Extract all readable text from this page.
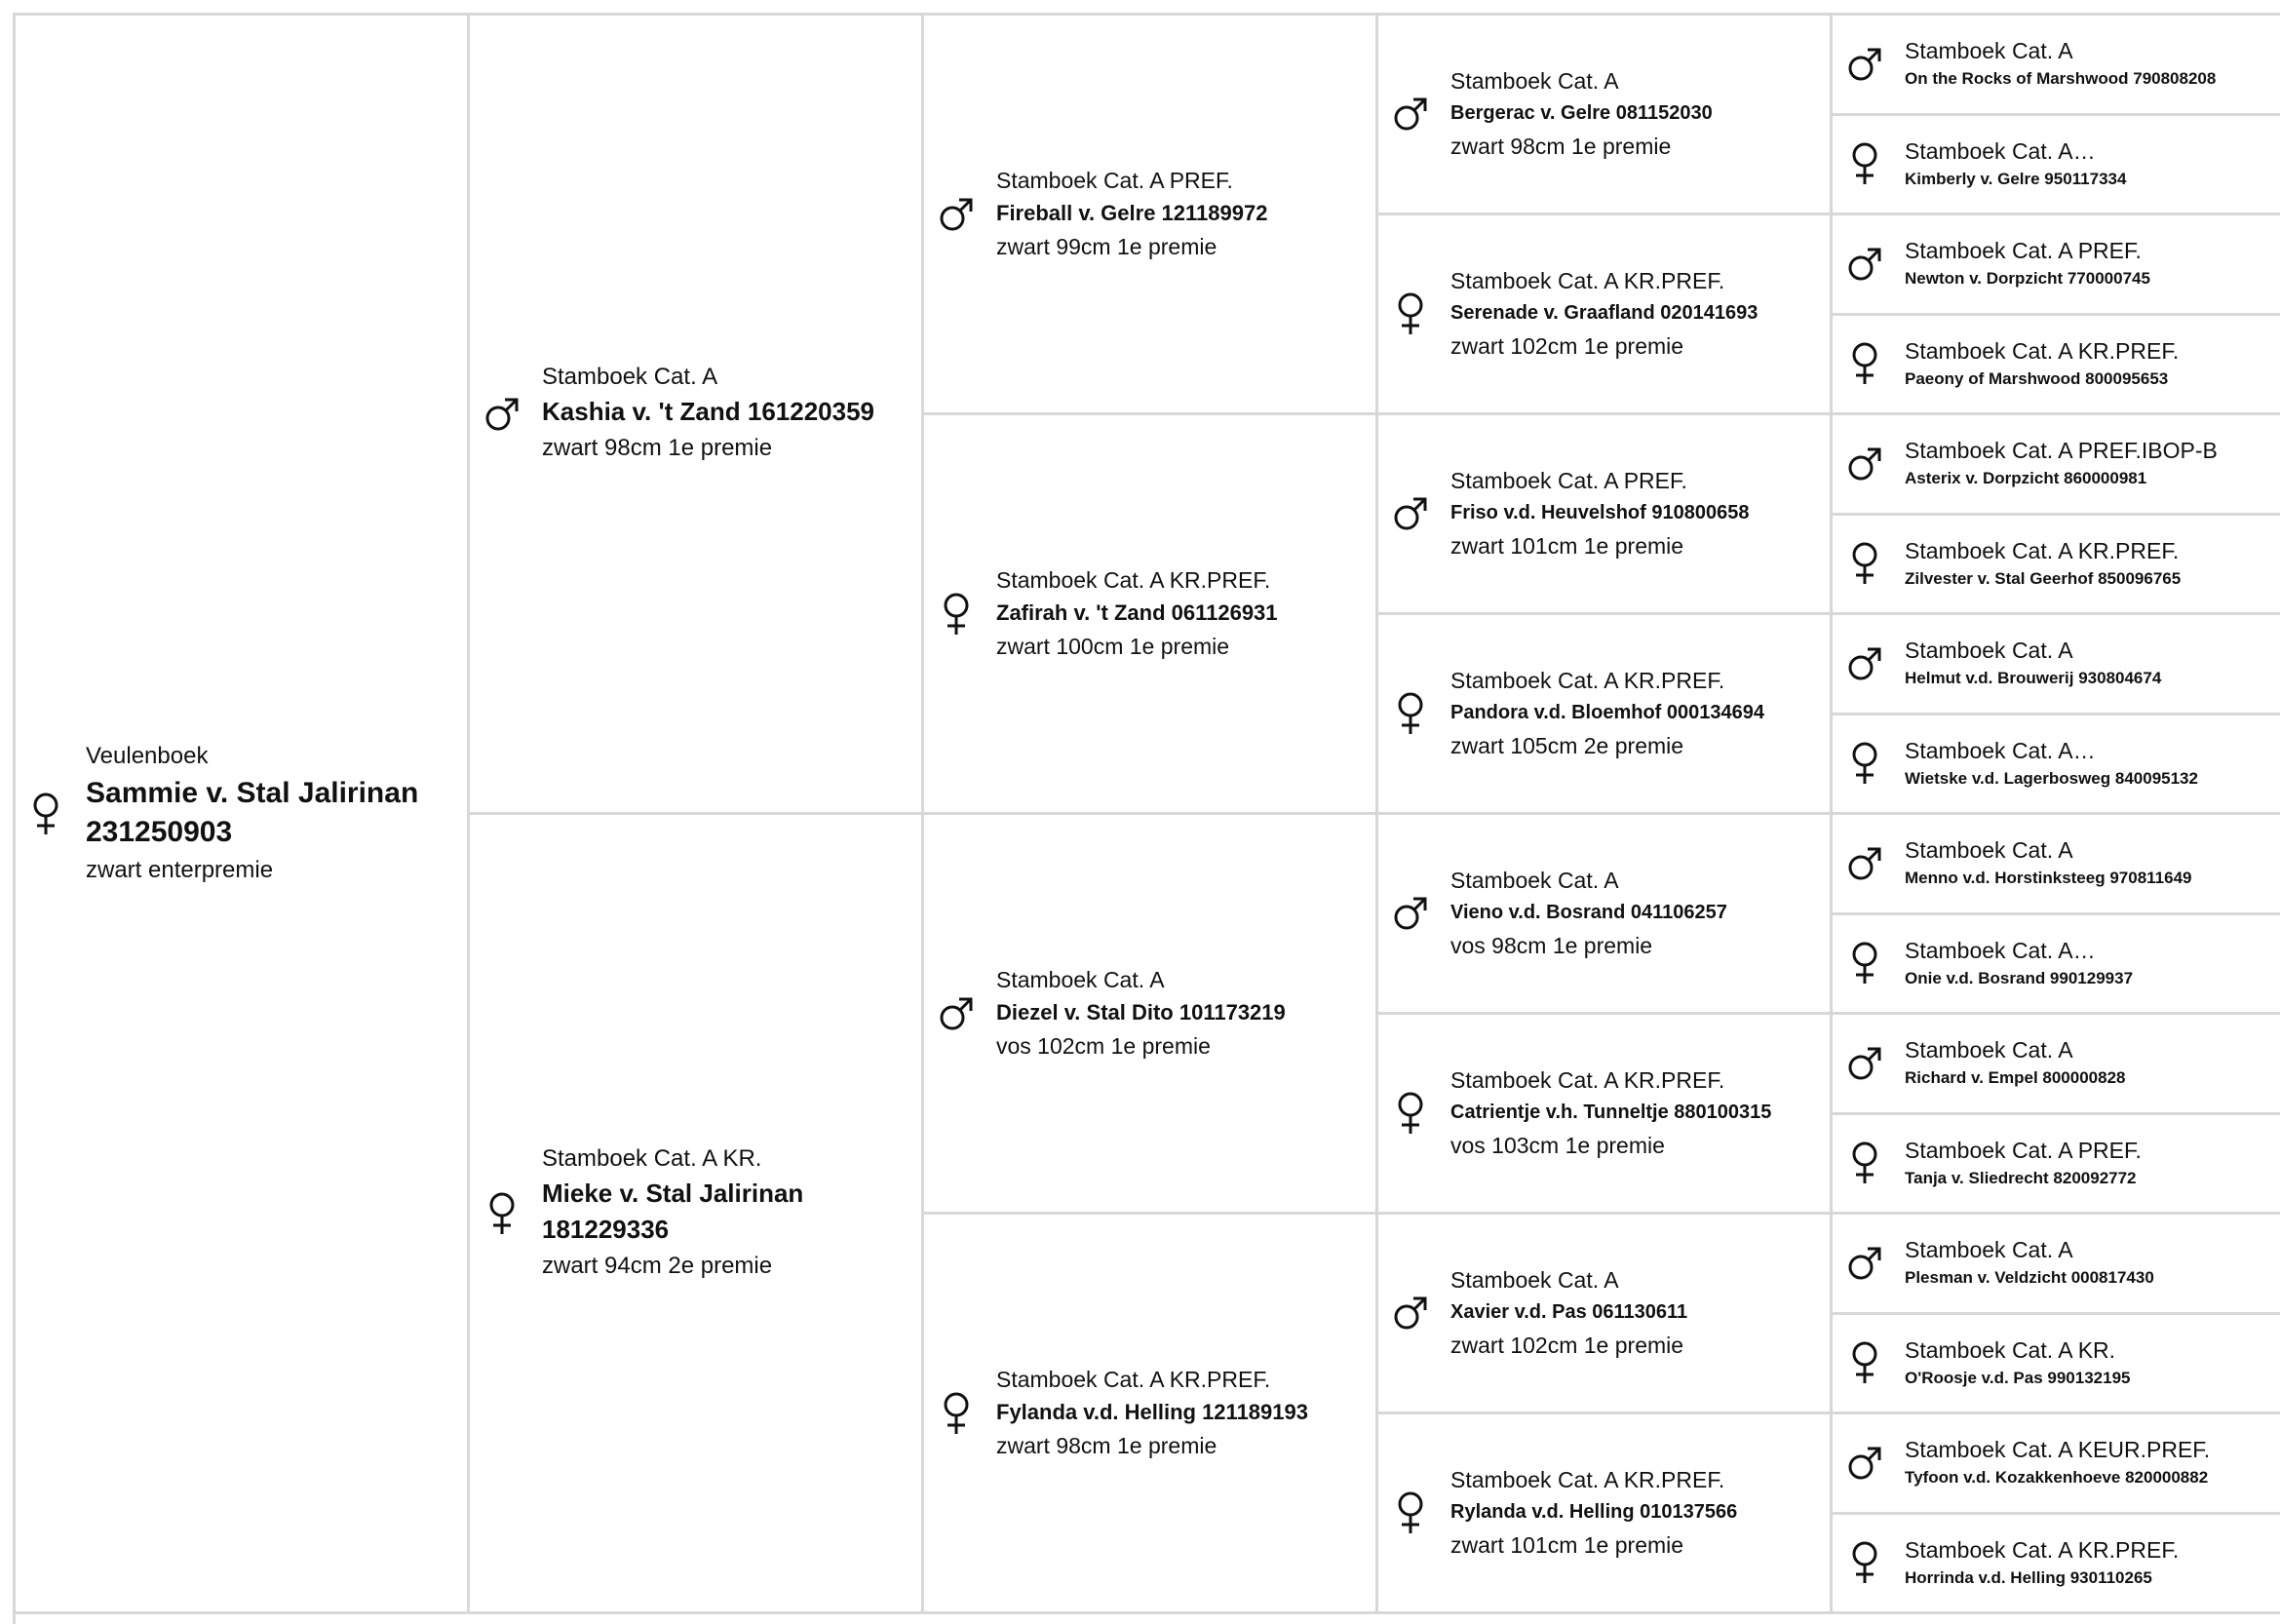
Veulenboek
Sammie v. Stal Jalirinan 231250903
zwart enterpremie
Stamboek Cat. A
Kashia v. 't Zand 161220359
zwart 98cm 1e premie
Stamboek Cat. A KR.
Mieke v. Stal Jalirinan 181229336
zwart 94cm 2e premie
Stamboek Cat. A PREF.
Fireball v. Gelre 121189972
zwart 99cm 1e premie
Stamboek Cat. A KR.PREF.
Zafirah v. 't Zand 061126931
zwart 100cm 1e premie
Stamboek Cat. A
Diezel v. Stal Dito 101173219
vos 102cm 1e premie
Stamboek Cat. A KR.PREF.
Fylanda v.d. Helling 121189193
zwart 98cm 1e premie
Stamboek Cat. A
Bergerac v. Gelre 081152030
zwart 98cm 1e premie
Stamboek Cat. A KR.PREF.
Serenade v. Graafland 020141693
zwart 102cm 1e premie
Stamboek Cat. A PREF.
Friso v.d. Heuvelshof 910800658
zwart 101cm 1e premie
Stamboek Cat. A KR.PREF.
Pandora v.d. Bloemhof 000134694
zwart 105cm 2e premie
Stamboek Cat. A
Vieno v.d. Bosrand 041106257
vos 98cm 1e premie
Stamboek Cat. A KR.PREF.
Catrientje v.h. Tunneltje 880100315
vos 103cm 1e premie
Stamboek Cat. A
Xavier v.d. Pas 061130611
zwart 102cm 1e premie
Stamboek Cat. A KR.PREF.
Rylanda v.d. Helling 010137566
zwart 101cm 1e premie
Stamboek Cat. A
On the Rocks of Marshwood 790808208
Stamboek Cat. A…
Kimberly v. Gelre 950117334
Stamboek Cat. A PREF.
Newton v. Dorpzicht 770000745
Stamboek Cat. A KR.PREF.
Paeony of Marshwood 800095653
Stamboek Cat. A PREF.IBOP-B
Asterix v. Dorpzicht 860000981
Stamboek Cat. A KR.PREF.
Zilvester v. Stal Geerhof 850096765
Stamboek Cat. A
Helmut v.d. Brouwerij 930804674
Stamboek Cat. A…
Wietske v.d. Lagerbosweg 840095132
Stamboek Cat. A
Menno v.d. Horstinksteeg 970811649
Stamboek Cat. A…
Onie v.d. Bosrand 990129937
Stamboek Cat. A
Richard v. Empel 800000828
Stamboek Cat. A PREF.
Tanja v. Sliedrecht 820092772
Stamboek Cat. A
Plesman v. Veldzicht 000817430
Stamboek Cat. A KR.
O'Roosje v.d. Pas 990132195
Stamboek Cat. A KEUR.PREF.
Tyfoon v.d. Kozakkenhoeve 820000882
Stamboek Cat. A KR.PREF.
Horrinda v.d. Helling 930110265
